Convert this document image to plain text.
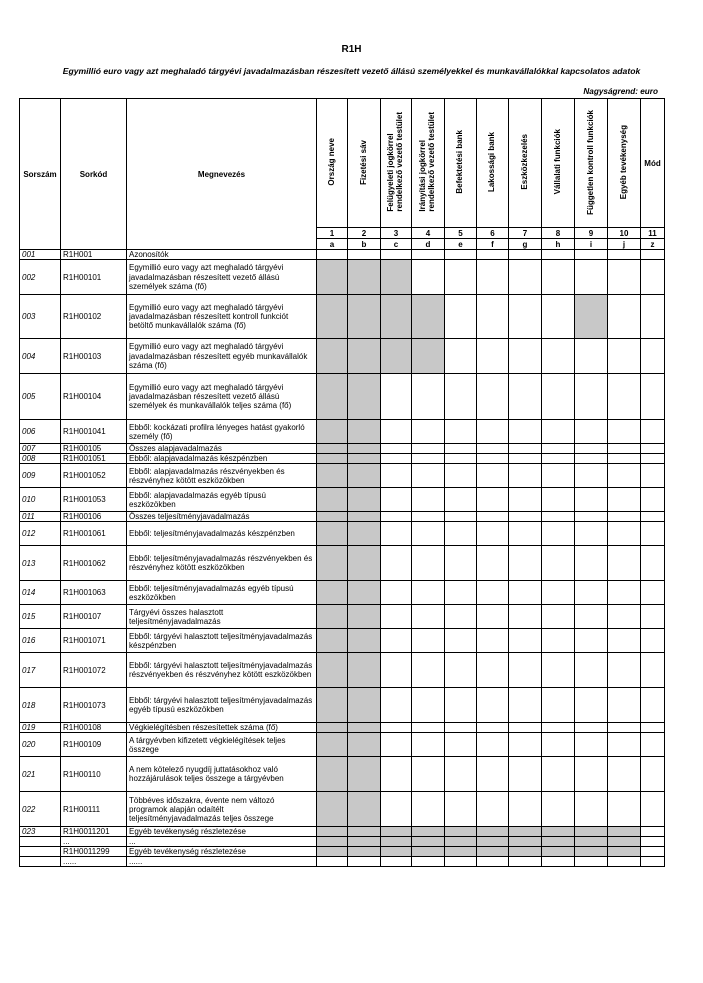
R1H
Egymillió euro vagy azt meghaladó tárgyévi javadalmazásban részesített vezető állású személyekkel és munkavállalókkal kapcsolatos adatok
Nagyságrend: euro
Sorszám	Sorkód	Megnevezés	Ország neve	Fizetési sáv	Felügyeleti jogkörrel
rendelkező vezető testület	Irányítási jogkörrel
rendelkező vezető testület	Befektetési bank	Lakossági bank	Eszközkezelés	Vállalati funkciók	Független kontroll funkciók	Egyéb tevékenység	Mód
			1	2	3	4	5	6	7	8	9	10	11
			a	b	c	d	e	f	g	h	i	j	z
001	R1H001	Azonosítók											
002	R1H00101	Egymillió euro vagy azt meghaladó tárgyévi javadalmazásban részesített vezető állású személyek száma (fő)											
003	R1H00102	Egymillió euro vagy azt meghaladó tárgyévi javadalmazásban részesített kontroll funkciót betöltő munkavállalók száma (fő)											
004	R1H00103	Egymillió euro vagy azt meghaladó tárgyévi javadalmazásban részesített egyéb munkavállalók száma (fő)											
005	R1H00104	Egymillió euro vagy azt meghaladó tárgyévi javadalmazásban részesített vezető állású személyek és munkavállalók teljes száma (fő)											
006	R1H001041	Ebből: kockázati profilra lényeges hatást gyakorló személy (fő)											
007	R1H00105	Összes alapjavadalmazás											
008	R1H001051	Ebből: alapjavadalmazás készpénzben											
009	R1H001052	Ebből: alapjavadalmazás részvényekben és részvényhez kötött eszközökben											
010	R1H001053	Ebből: alapjavadalmazás egyéb típusú eszközökben											
011	R1H00106	Összes teljesítményjavadalmazás											
012	R1H001061	Ebből: teljesítményjavadalmazás készpénzben											
013	R1H001062	Ebből: teljesítményjavadalmazás részvényekben és részvényhez kötött eszközökben											
014	R1H001063	Ebből: teljesítményjavadalmazás egyéb típusú eszközökben											
015	R1H00107	Tárgyévi összes halasztott teljesítményjavadalmazás											
016	R1H001071	Ebből: tárgyévi halasztott teljesítményjavadalmazás készpénzben											
017	R1H001072	Ebből: tárgyévi halasztott teljesítményjavadalmazás részvényekben és részvényhez kötött eszközökben											
018	R1H001073	Ebből: tárgyévi halasztott teljesítményjavadalmazás egyéb típusú eszközökben											
019	R1H00108	Végkielégítésben részesítettek száma (fő)											
020	R1H00109	A tárgyévben kifizetett végkielégítések teljes összege											
021	R1H00110	A nem kötelező nyugdíj juttatásokhoz való hozzájárulások teljes összege a tárgyévben											
022	R1H00111	Többéves időszakra, évente nem változó programok alapján odaítélt teljesítményjavadalmazás teljes összege											
023	R1H0011201	Egyéb tevékenység részletezése											
	...	...											
	R1H0011299	Egyéb tevékenység részletezése											
	......	......											
